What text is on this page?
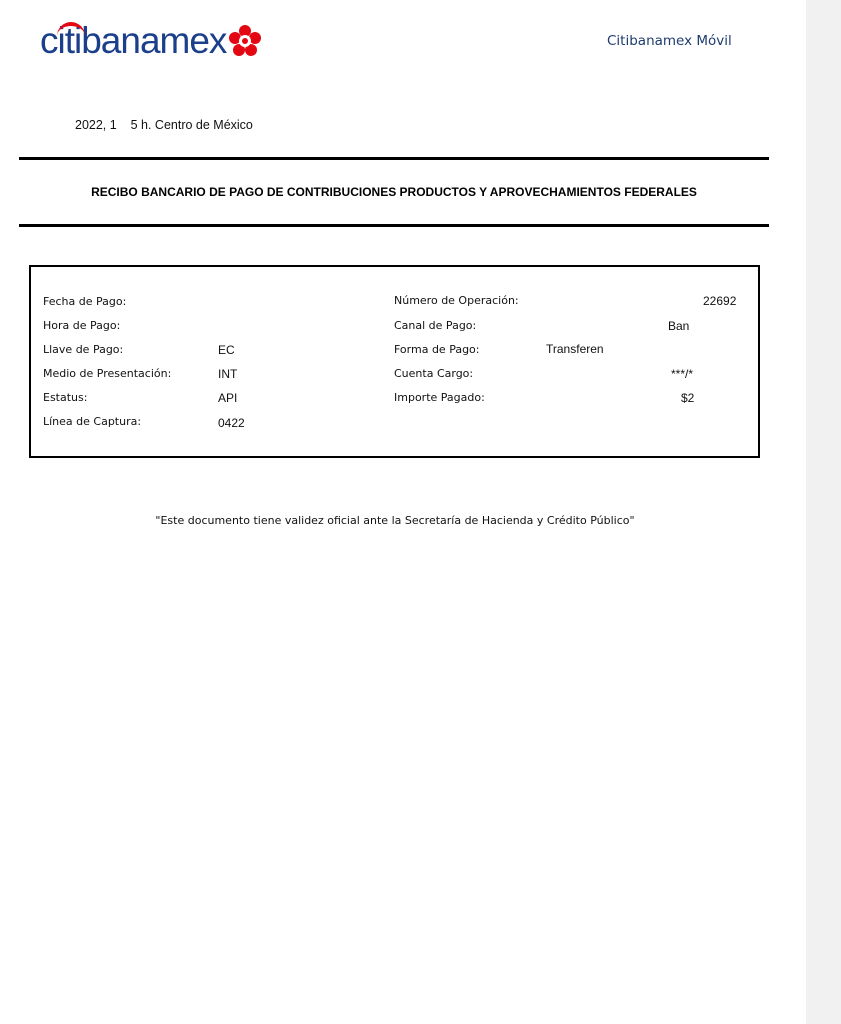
citibanamex	Citibanamex Móvil
2022, 1    5 h. Centro de México
RECIBO BANCARIO DE PAGO DE CONTRIBUCIONES PRODUCTOS Y APROVECHAMIENTOS FEDERALES
Fecha de Pago:
Hora de Pago:
Llave de Pago:	EC
Medio de Presentación:	INT
Estatus:	API
Línea de Captura:	0422
Número de Operación:	22692
Canal de Pago:	Ban
Forma de Pago:	Transferen
Cuenta Cargo:	***/*
Importe Pagado:	$2
"Este documento tiene validez oficial ante la Secretaría de Hacienda y Crédito Público"
